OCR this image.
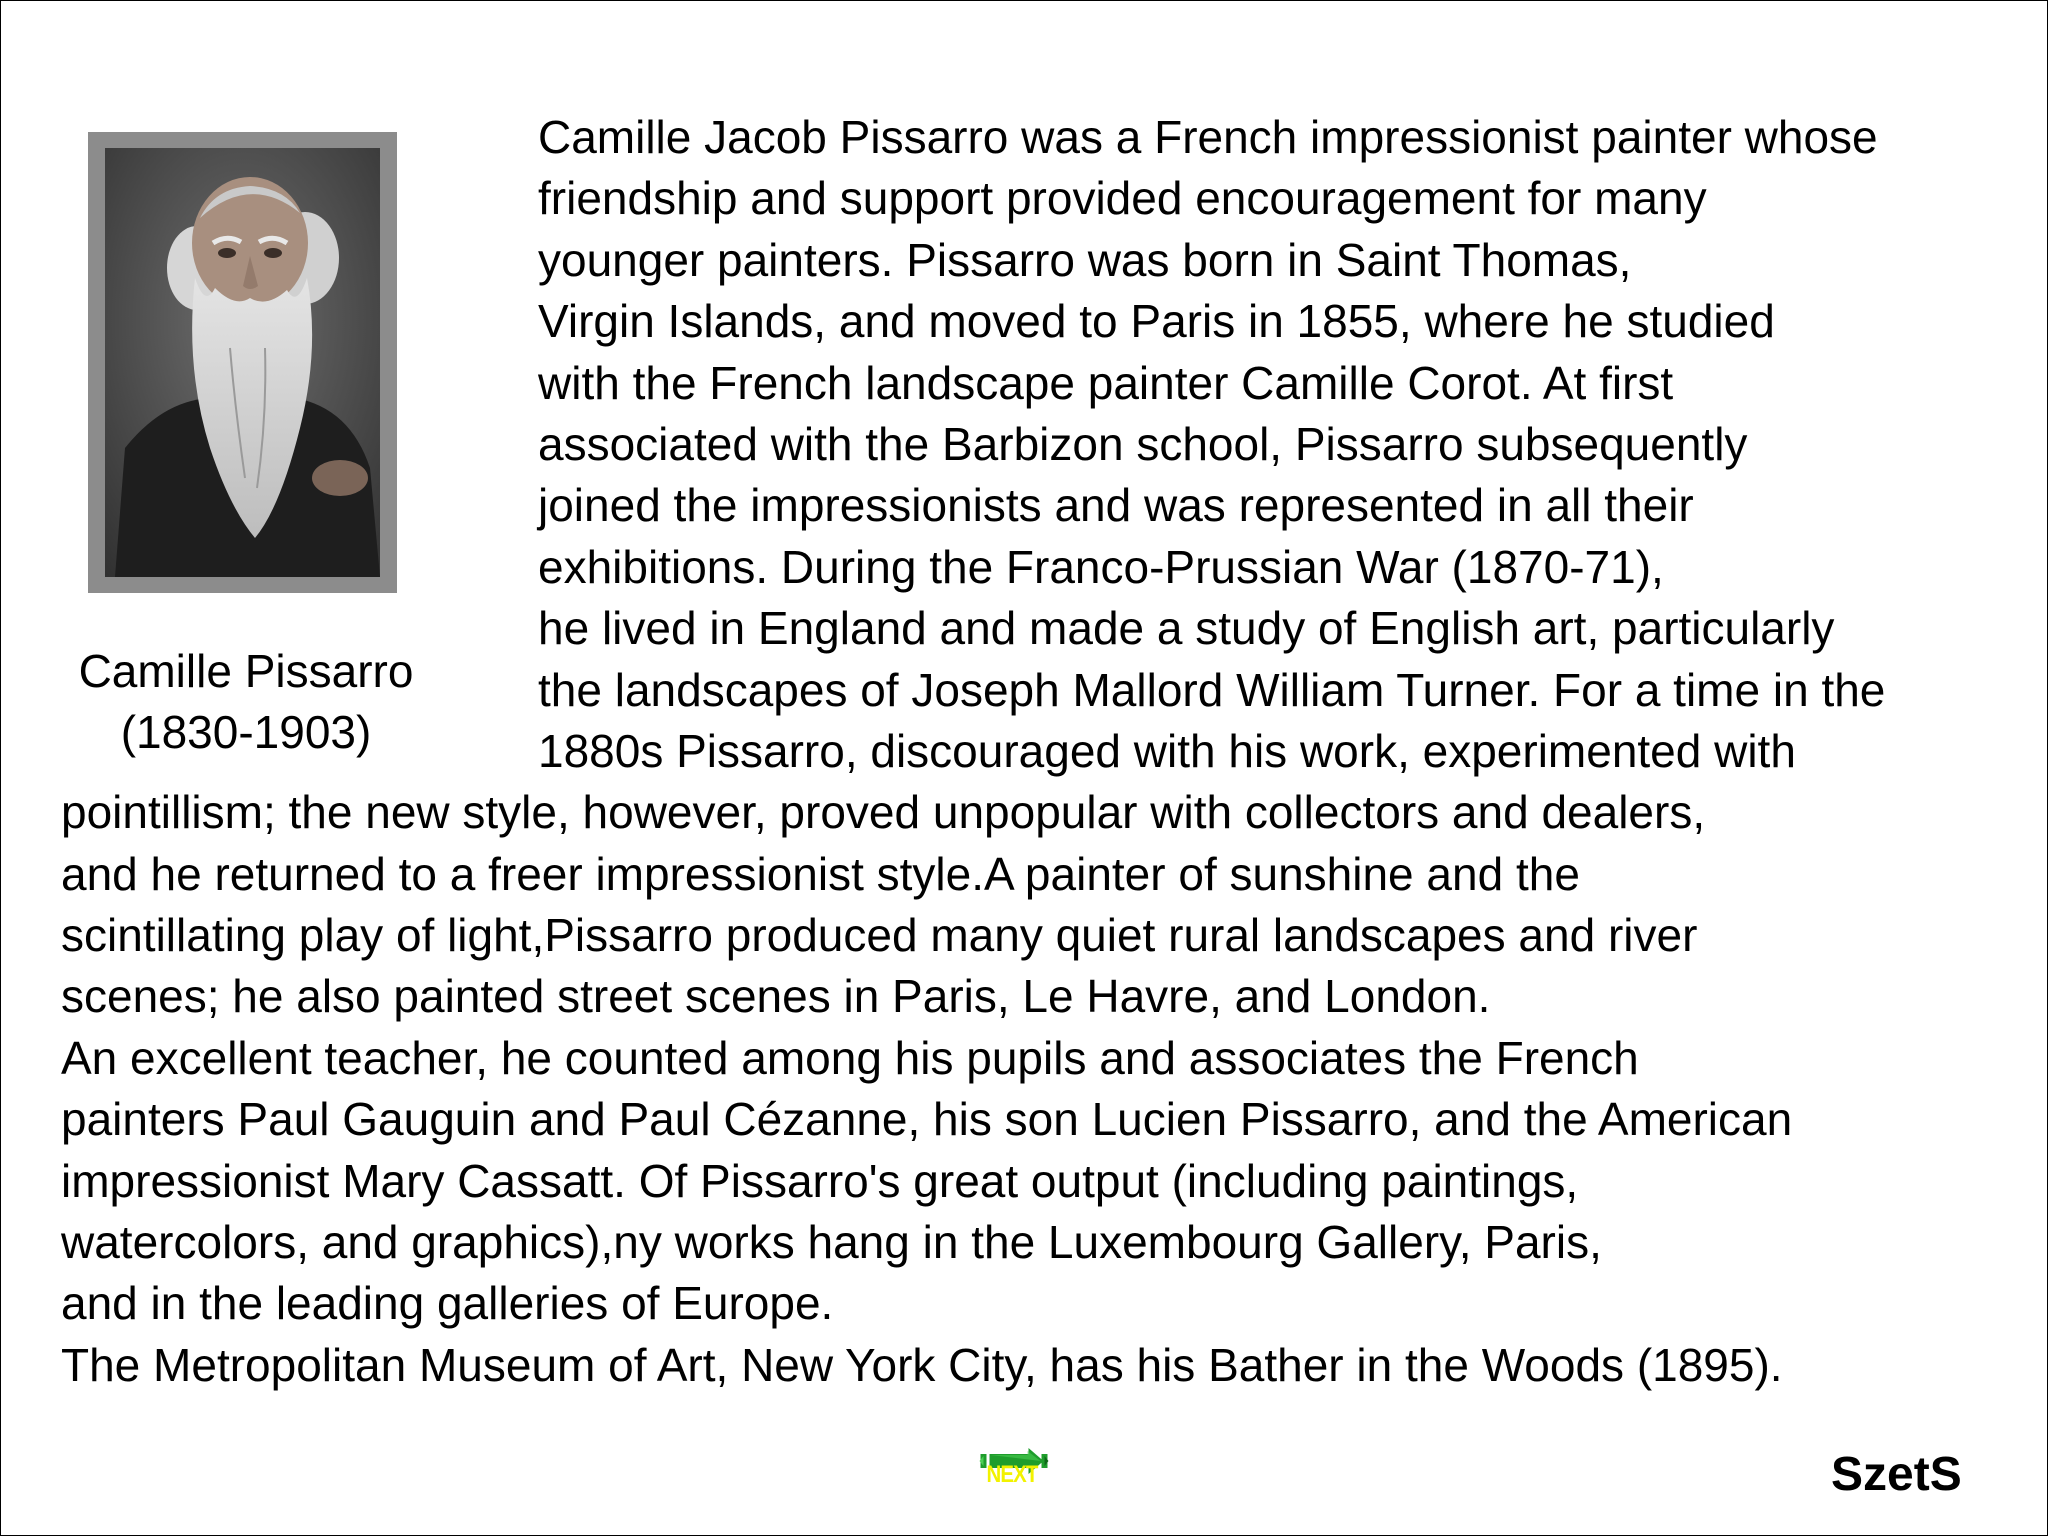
Camille Pissarro
(1830-1903)
Camille Jacob Pissarro was a French impressionist painter whose
friendship and support provided encouragement for many
younger painters. Pissarro was born in Saint Thomas,
Virgin Islands, and moved to Paris in 1855, where he studied
with the French landscape painter Camille Corot. At first
associated with the Barbizon school, Pissarro subsequently
joined the impressionists and was represented in all their
exhibitions. During the Franco-Prussian War (1870-71),
he lived in England and made a study of English art, particularly
the landscapes of Joseph Mallord William Turner. For a time in the
1880s Pissarro, discouraged with his work, experimented with
pointillism; the new style, however, proved unpopular with collectors and dealers,
and he returned to a freer impressionist style.A painter of sunshine and the
scintillating play of light,Pissarro produced many quiet rural landscapes and river
scenes; he also painted street scenes in Paris, Le Havre, and London.
An excellent teacher, he counted among his pupils and associates the French
painters Paul Gauguin and Paul Cézanne, his son Lucien Pissarro, and the American
impressionist Mary Cassatt. Of Pissarro's great output (including paintings,
watercolors, and graphics),ny works hang in the Luxembourg Gallery, Paris,
and in the leading galleries of Europe.
The Metropolitan Museum of Art, New York City, has his Bather in the Woods (1895).
NEXT	SzetS
